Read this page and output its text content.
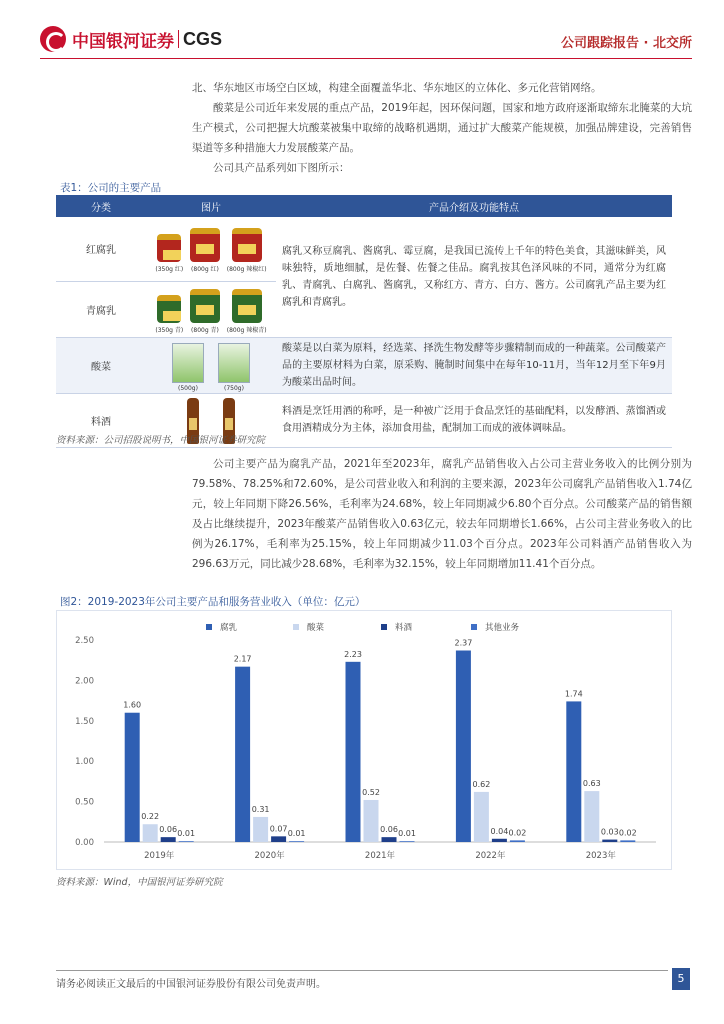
中国银河证券 CGS	公司跟踪报告 · 北交所
北、华东地区市场空白区域，构建全面覆盖华北、华东地区的立体化、多元化营销网络。
酸菜是公司近年来发展的重点产品，2019年起，因环保问题，国家和地方政府逐渐取缔东北腌菜的大坑生产模式，公司把握大坑酸菜被集中取缔的战略机遇期，通过扩大酸菜产能规模，加强品牌建设，完善销售渠道等多种措施大力发展酸菜产品。
公司具产品系列如下图所示：
表1：公司的主要产品
分类	图片	产品介绍及功能特点
红腐乳	(350g 红) (800g 红) (800g 辣椒红)	腐乳又称豆腐乳、酱腐乳、霉豆腐，是我国已流传上千年的特色美食，其滋味鲜美，风味独特，质地细腻，是佐餐、佐餐之佳品。腐乳按其色泽风味的不同，通常分为红腐乳、青腐乳、白腐乳、酱腐乳，又称红方、青方、白方、酱方。公司腐乳产品主要为红腐乳和青腐乳。
青腐乳	(350g 青) (800g 青) (800g 辣椒青)	

酸菜	(500g) (750g)	酸菜是以白菜为原料，经选菜、择洗生物发酵等步骤精制而成的一种蔬菜。公司酸菜产品的主要原材料为白菜，原采购、腌制时间集中在每年10-11月，当年12月至下年9月为酸菜出品时间。
料酒		料酒是烹饪用酒的称呼，是一种被广泛用于食品烹饪的基础配料，以发酵酒、蒸馏酒或食用酒精成分为主体，添加食用盐，配制加工而成的液体调味品。
资料来源：公司招股说明书，中国银河证券研究院
公司主要产品为腐乳产品，2021年至2023年，腐乳产品销售收入占公司主营业务收入的比例分别为79.58%、78.25%和72.60%，是公司营业收入和利润的主要来源，2023年公司腐乳产品销售收入1.74亿元，较上年同期下降26.56%，毛利率为24.68%，较上年同期减少6.80个百分点。公司酸菜产品的销售额及占比继续提升，2023年酸菜产品销售收入0.63亿元，较去年同期增长1.66%，占公司主营业务收入的比例为26.17%，毛利率为25.15%，较上年同期减少11.03个百分点。2023年公司料酒产品销售收入为296.63万元，同比减少28.68%，毛利率为32.15%，较上年同期增加11.41个百分点。
图2：2019-2023年公司主要产品和服务营业收入（单位：亿元）
0.00
0.50
1.00
1.50
2.00
2.50
腐乳	酸菜	料酒	其他业务
1.60
0.22
0.06 0.01
2019年
2.17
0.31
0.07
0.01
2020年
2.23
0.52
0.06 0.01
2021年
2.37
0.62
0.04 0.02
2022年
1.74
0.63
0.03 0.02
2023年
资料来源：Wind，中国银河证券研究院
请务必阅读正文最后的中国银河证券股份有限公司免责声明。	5
